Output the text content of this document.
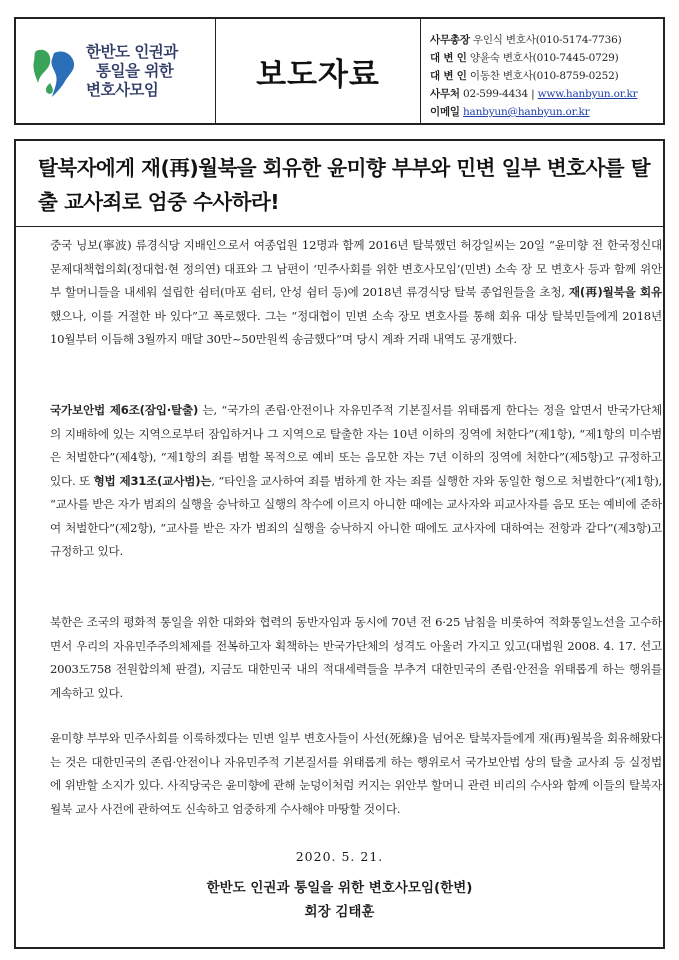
한반도 인권과
통일을 위한
변호사모임	보도자료
사무총장 우인식 변호사(010-5174-7736)
대 변 인 양윤숙 변호사(010-7445-0729)
대 변 인 이동찬 변호사(010-8759-0252)
사무처 02-599-4434 | www.hanbyun.or.kr
이메일 hanbyun@hanbyun.or.kr
탈북자에게 재(再)월북을 회유한 윤미향 부부와 민변 일부 변호사를 탈출 교사죄로 엄중 수사하라!
중국 닝보(寧波) 류경식당 지배인으로서 여종업원 12명과 함께 2016년 탈북했던 허강일씨는 20일 “윤미향 전 한국정신대문제대책협의회(정대협·현 정의연) 대표와 그 남편이 ‘민주사회를 위한 변호사모임’(민변) 소속 장 모 변호사 등과 함께 위안부 할머니들을 내세워 설립한 쉼터(마포 쉼터, 안성 쉼터 등)에 2018년 류경식당 탈북 종업원들을 초청, 재(再)월북을 회유했으나, 이를 거절한 바 있다”고 폭로했다. 그는 “정대협이 민변 소속 장모 변호사를 통해 회유 대상 탈북민들에게 2018년 10월부터 이듬해 3월까지 매달 30만~50만원씩 송금했다”며 당시 계좌 거래 내역도 공개했다.
국가보안법 제6조(잠입·탈출) 는, “국가의 존립·안전이나 자유민주적 기본질서를 위태롭게 한다는 정을 알면서 반국가단체의 지배하에 있는 지역으로부터 잠입하거나 그 지역으로 탈출한 자는 10년 이하의 징역에 처한다”(제1항), “제1항의 미수범은 처벌한다”(제4항), “제1항의 죄를 범할 목적으로 예비 또는 음모한 자는 7년 이하의 징역에 처한다”(제5항)고 규정하고 있다. 또 형법 제31조(교사범)는, “타인을 교사하여 죄를 범하게 한 자는 죄를 실행한 자와 동일한 형으로 처벌한다”(제1항), “교사를 받은 자가 범죄의 실행을 승낙하고 실행의 착수에 이르지 아니한 때에는 교사자와 피교사자를 음모 또는 예비에 준하여 처벌한다”(제2항), “교사를 받은 자가 범죄의 실행을 승낙하지 아니한 때에도 교사자에 대하여는 전항과 같다”(제3항)고 규정하고 있다.
북한은 조국의 평화적 통일을 위한 대화와 협력의 동반자임과 동시에 70년 전 6·25 남침을 비롯하여 적화통일노선을 고수하면서 우리의 자유민주주의체제를 전복하고자 획책하는 반국가단체의 성격도 아울러 가지고 있고(대법원 2008. 4. 17. 선고 2003도758 전원합의체 판결), 지금도 대한민국 내의 적대세력들을 부추겨 대한민국의 존립·안전을 위태롭게 하는 행위를 계속하고 있다.
윤미향 부부와 민주사회를 이룩하겠다는 민변 일부 변호사들이 사선(死線)을 넘어온 탈북자들에게 재(再)월북을 회유해왔다는 것은 대한민국의 존립·안전이나 자유민주적 기본질서를 위태롭게 하는 행위로서 국가보안법 상의 탈출 교사죄 등 실정법에 위반할 소지가 있다. 사직당국은 윤미향에 관해 눈덩이처럼 커지는 위안부 할머니 관련 비리의 수사와 함께 이들의 탈북자 월북 교사 사건에 관하여도 신속하고 엄중하게 수사해야 마땅할 것이다.
2020. 5. 21.
한반도 인권과 통일을 위한 변호사모임(한변)
회장 김태훈
